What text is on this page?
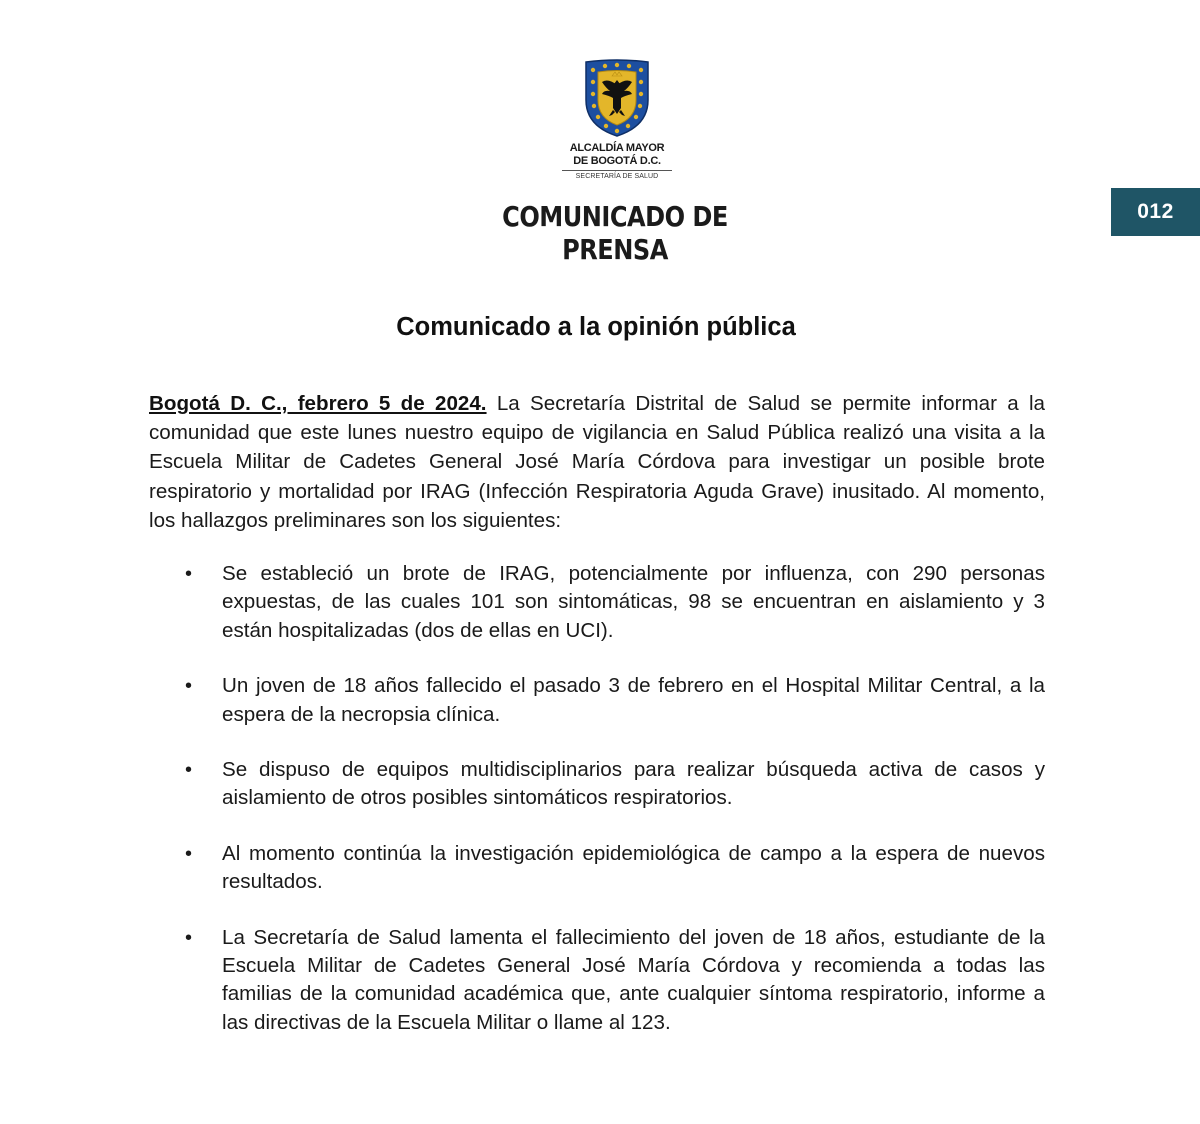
ALCALDÍA MAYOR
DE BOGOTÁ D.C.
SECRETARÍA DE SALUD
COMUNICADO DE PRENSA
012
Comunicado a la opinión pública

Bogotá D. C., febrero 5 de 2024. La Secretaría Distrital de Salud se permite informar a la comunidad que este lunes nuestro equipo de vigilancia en Salud Pública realizó una visita a la Escuela Militar de Cadetes General José María Córdova para investigar un posible brote respiratorio y mortalidad por IRAG (Infección Respiratoria Aguda Grave) inusitado. Al momento, los hallazgos preliminares son los siguientes:

• Se estableció un brote de IRAG, potencialmente por influenza, con 290 personas expuestas, de las cuales 101 son sintomáticas, 98 se encuentran en aislamiento y 3 están hospitalizadas (dos de ellas en UCI).
• Un joven de 18 años fallecido el pasado 3 de febrero en el Hospital Militar Central, a la espera de la necropsia clínica.
• Se dispuso de equipos multidisciplinarios para realizar búsqueda activa de casos y aislamiento de otros posibles sintomáticos respiratorios.
• Al momento continúa la investigación epidemiológica de campo a la espera de nuevos resultados.
• La Secretaría de Salud lamenta el fallecimiento del joven de 18 años, estudiante de la Escuela Militar de Cadetes General José María Córdova y recomienda a todas las familias de la comunidad académica que, ante cualquier síntoma respiratorio, informe a las directivas de la Escuela Militar o llame al 123.
